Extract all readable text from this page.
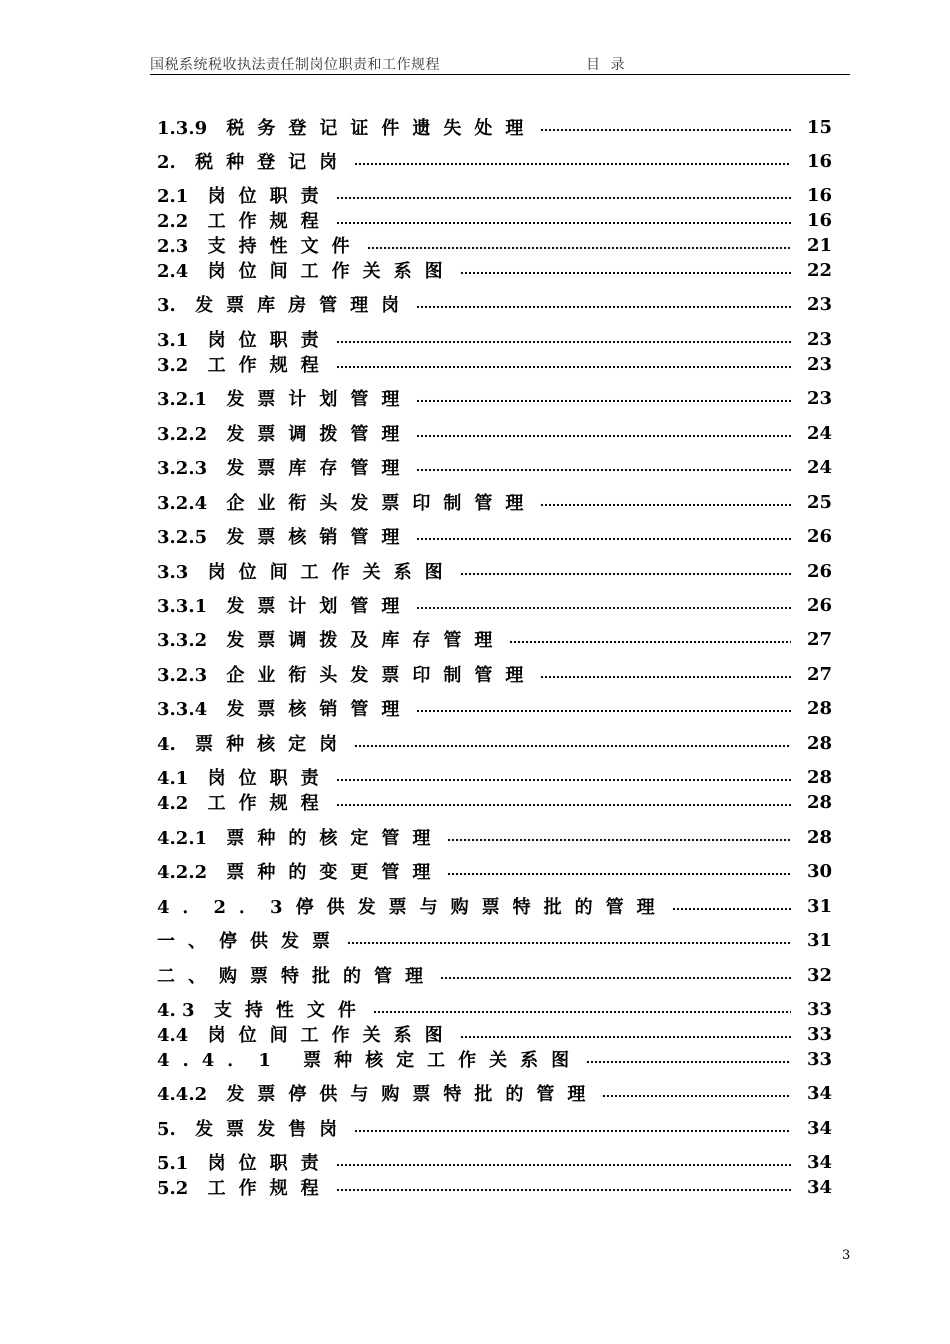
国税系统税收执法责任制岗位职责和工作规程	目 录
1.3.9 税务登记证件遗失处理	15
2. 税种登记岗	16
2.1 岗位职责	16
2.2 工作规程	16
2.3 支持性文件	21
2.4 岗位间工作关系图	22
3. 发票库房管理岗	23
3.1 岗位职责	23
3.2 工作规程	23
3.2.1 发票计划管理	23
3.2.2 发票调拨管理	24
3.2.3 发票库存管理	24
3.2.4 企业衔头发票印制管理	25
3.2.5 发票核销管理	26
3.3 岗位间工作关系图	26
3.3.1 发票计划管理	26
3.3.2 发票调拨及库存管理	27
3.2.3 企业衔头发票印制管理	27
3.3.4 发票核销管理	28
4. 票种核定岗	28
4.1 岗位职责	28
4.2 工作规程	28
4.2.1 票种的核定管理	28
4.2.2 票种的变更管理	30
4．2．3停供发票与购票特批的管理	31
一、停供发票	31
二、购票特批的管理	32
4. 3 支持性文件	33
4.4 岗位间工作关系图	33
4.4．1 票种核定工作关系图	33
4.4.2 发票停供与购票特批的管理	34
5. 发票发售岗	34
5.1 岗位职责	34
5.2 工作规程	34
3
